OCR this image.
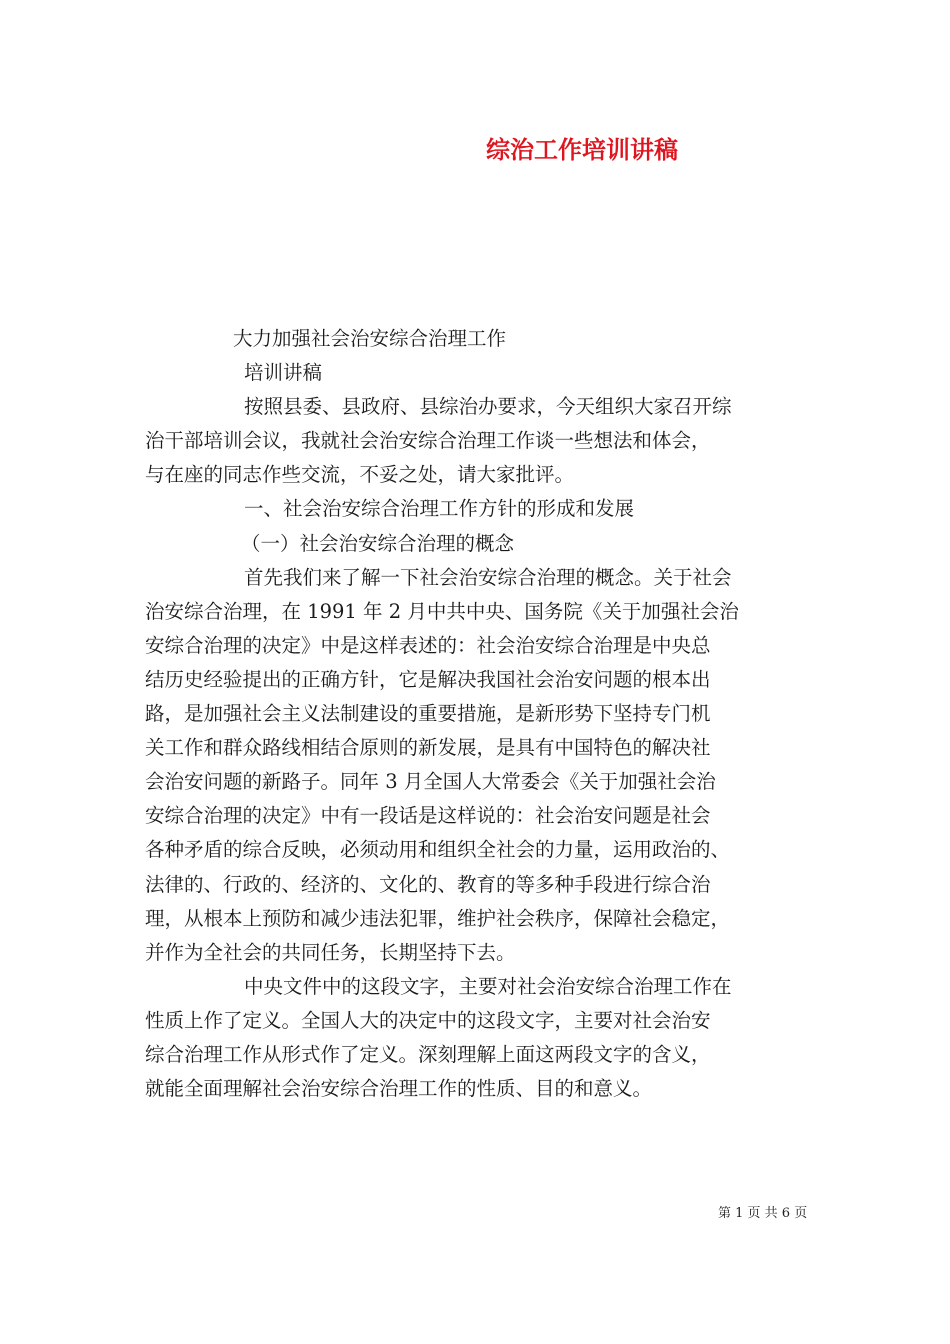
综治工作培训讲稿

大力加强社会治安综合治理工作

培训讲稿

按照县委、县政府、县综治办要求，今天组织大家召开综
治干部培训会议，我就社会治安综合治理工作谈一些想法和体会，
与在座的同志作些交流，不妥之处，请大家批评。

一、社会治安综合治理工作方针的形成和发展

（一）社会治安综合治理的概念

首先我们来了解一下社会治安综合治理的概念。关于社会
治安综合治理，在 1991 年 2 月中共中央、国务院《关于加强社会治
安综合治理的决定》中是这样表述的：社会治安综合治理是中央总
结历史经验提出的正确方针，它是解决我国社会治安问题的根本出
路，是加强社会主义法制建设的重要措施，是新形势下坚持专门机
关工作和群众路线相结合原则的新发展，是具有中国特色的解决社
会治安问题的新路子。同年 3 月全国人大常委会《关于加强社会治
安综合治理的决定》中有一段话是这样说的：社会治安问题是社会
各种矛盾的综合反映，必须动用和组织全社会的力量，运用政治的、
法律的、行政的、经济的、文化的、教育的等多种手段进行综合治
理，从根本上预防和减少违法犯罪，维护社会秩序，保障社会稳定，
并作为全社会的共同任务，长期坚持下去。

中央文件中的这段文字，主要对社会治安综合治理工作在
性质上作了定义。全国人大的决定中的这段文字，主要对社会治安
综合治理工作从形式作了定义。深刻理解上面这两段文字的含义，
就能全面理解社会治安综合治理工作的性质、目的和意义。

第 1 页 共 6 页
